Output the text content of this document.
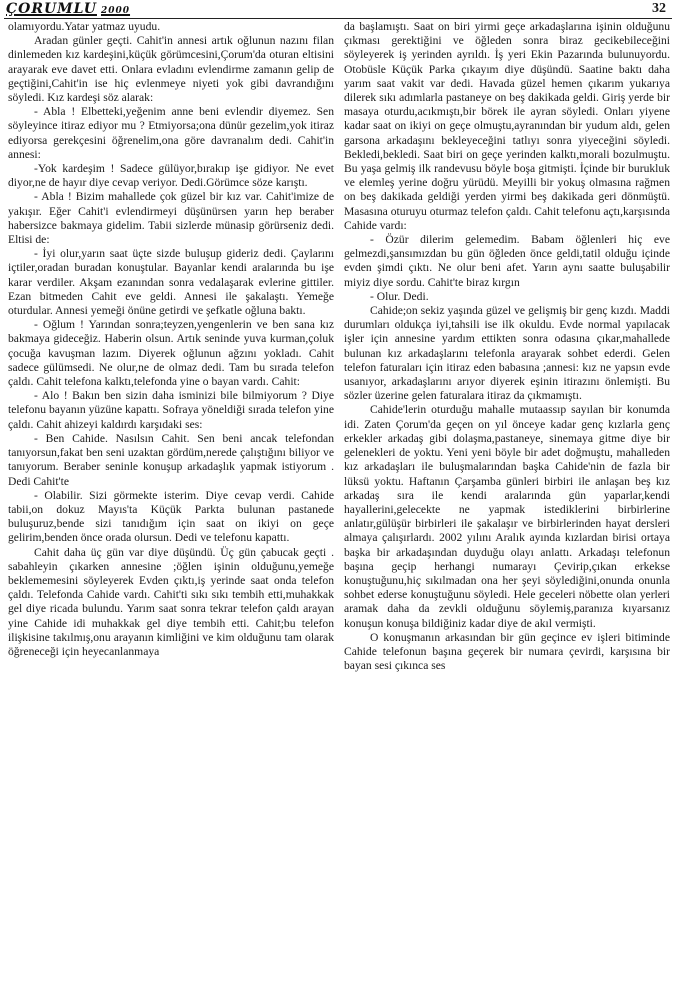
ÇORUMLU 2000	32

olamıyordu.Yatar yatmaz uyudu.

Aradan günler geçti. Cahit'in annesi artık oğlunun nazını filan dinlemeden kız kardeşini,küçük görümcesini,Çorum'da oturan eltisini arayarak eve davet etti. Onlara evladını evlendirme zamanın gelip de geçtiğini,Cahit'in ise hiç evlenmeye niyeti yok gibi davrandığını söyledi. Kız kardeşi söz alarak:

- Abla ! Elbetteki,yeğenim anne beni evlendir diyemez. Sen söyleyince itiraz ediyor mu ? Etmiyorsa;ona dünür gezelim,yok itiraz ediyorsa gerekçesini öğrenelim,ona göre davranalım dedi. Cahit'in annesi:

-Yok kardeşim ! Sadece gülüyor,bırakıp işe gidiyor. Ne evet diyor,ne de hayır diye cevap veriyor. Dedi.Görümce söze karıştı.

- Abla ! Bizim mahallede çok güzel bir kız var. Cahit'imize de yakışır. Eğer Cahit'i evlendirmeyi düşünürsen yarın hep beraber habersizce bakmaya gidelim. Tabii sizlerde münasip görürseniz dedi. Eltisi de:

- İyi olur,yarın saat üçte sizde buluşup gideriz dedi. Çaylarını içtiler,oradan buradan konuştular. Bayanlar kendi aralarında bu işe karar verdiler. Akşam ezanından sonra vedalaşarak evlerine gittiler. Ezan bitmeden Cahit eve geldi. Annesi ile şakalaştı. Yemeğe oturdular. Annesi yemeği önüne getirdi ve şefkatle oğluna baktı.

- Oğlum ! Yarından sonra;teyzen,yengenlerin ve ben sana kız bakmaya gideceğiz. Haberin olsun. Artık seninde yuva kurman,çoluk çocuğa kavuşman lazım. Diyerek oğlunun ağzını yokladı. Cahit sadece gülümsedi. Ne olur,ne de olmaz dedi. Tam bu sırada telefon çaldı. Cahit telefona kalktı,telefonda yine o bayan vardı. Cahit:

- Alo ! Bakın ben sizin daha isminizi bile bilmiyorum ? Diye telefonu bayanın yüzüne kapattı. Sofraya yöneldiği sırada telefon yine çaldı. Cahit ahizeyi kaldırdı karşıdaki ses:

- Ben Cahide. Nasılsın Cahit. Sen beni ancak telefondan tanıyorsun,fakat ben seni uzaktan gördüm,nerede çalıştığını biliyor ve tanıyorum. Beraber seninle konuşup arkadaşlık yapmak istiyorum . Dedi Cahit'te

- Olabilir. Sizi görmekte isterim. Diye cevap verdi. Cahide tabii,on dokuz Mayıs'ta Küçük Parkta bulunan pastanede buluşuruz,bende sizi tanıdığım için saat on ikiyi on geçe gelirim,benden önce orada olursun. Dedi ve telefonu kapattı.

Cahit daha üç gün var diye düşündü. Üç gün çabucak geçti . sabahleyin çıkarken annesine ;öğlen işinin olduğunu,yemeğe beklememesini söyleyerek Evden çıktı,iş yerinde saat onda telefon çaldı. Telefonda Cahide vardı. Cahit'ti sıkı sıkı tembih etti,muhakkak gel diye ricada bulundu. Yarım saat sonra tekrar telefon çaldı arayan yine Cahide idi muhakkak gel diye tembih etti. Cahit;bu telefon ilişkisine takılmış,onu arayanın kimliğini ve kim olduğunu tam olarak öğreneceği için heyecanlanmaya

da başlamıştı. Saat on biri yirmi geçe arkadaşlarına işinin olduğunu çıkması gerektiğini ve öğleden sonra biraz gecikebileceğini söyleyerek iş yerinden ayrıldı. İş yeri Ekin Pazarında bulunuyordu. Otobüsle Küçük Parka çıkayım diye düşündü. Saatine baktı daha yarım saat vakit var dedi. Havada güzel hemen çıkarım yukarıya dilerek sıkı adımlarla pastaneye on beş dakikada geldi. Giriş yerde bir masaya oturdu,acıkmıştı,bir börek ile ayran söyledi. Onları yiyene kadar saat on ikiyi on geçe olmuştu,ayranından bir yudum aldı, gelen garsona arkadaşını bekleyeceğini tatlıyı sonra yiyeceğini söyledi. Bekledi,bekledi. Saat biri on geçe yerinden kalktı,morali bozulmuştu. Bu yaşa gelmiş ilk randevusu böyle boşa gitmişti. İçinde bir burukluk ve elemleş yerine doğru yürüdü. Meyilli bir yokuş olmasına rağmen on beş dakikada geldiği yerden yirmi beş dakikada geri dönmüştü. Masasına oturuyu oturmaz telefon çaldı. Cahit telefonu açtı,karşısında Cahide vardı:

- Özür dilerim gelemedim. Babam öğlenleri hiç eve gelmezdi,şansımızdan bu gün öğleden önce geldi,tatil olduğu içinde evden şimdi çıktı. Ne olur beni afet. Yarın aynı saatte buluşabilir miyiz diye sordu. Cahit'te biraz kırgın

- Olur. Dedi.

Cahide;on sekiz yaşında güzel ve gelişmiş bir genç kızdı. Maddi durumları oldukça iyi,tahsili ise ilk okuldu. Evde normal yapılacak işler için annesine yardım ettikten sonra odasına çıkar,mahallede bulunan kız arkadaşlarını telefonla arayarak sohbet ederdi. Gelen telefon faturaları için itiraz eden babasına ;annesi: kız ne yapsın evde usanıyor, arkadaşlarını arıyor diyerek eşinin itirazını önlemişti. Bu sözler üzerine gelen faturalara itiraz da çıkmamıştı.

Cahide'lerin oturduğu mahalle mutaassıp sayılan bir konumda idi. Zaten Çorum'da geçen on yıl önceye kadar genç kızlarla genç erkekler arkadaş gibi dolaşma,pastaneye, sinemaya gitme diye bir gelenekleri de yoktu. Yeni yeni böyle bir adet doğmuştu, mahalleden kız arkadaşları ile buluşmalarından başka Cahide'nin de fazla bir lüksü yoktu. Haftanın Çarşamba günleri birbiri ile anlaşan beş kız arkadaş sıra ile kendi aralarında gün yaparlar,kendi hayallerini,gelecekte ne yapmak istediklerini birbirlerine anlatır,gülüşür birbirleri ile şakalaşır ve birbirlerinden hayat dersleri almaya çalışırlardı. 2002 yılını Aralık ayında kızlardan birisi ortaya başka bir arkadaşından duyduğu olayı anlattı. Arkadaşı telefonun başına geçip herhangi numarayı Çevirip,çıkan erkekse konuştuğunu,hiç sıkılmadan ona her şeyi söylediğini,onunda onunla sohbet ederse konuştuğunu söyledi. Hele geceleri nöbette olan yerleri aramak daha da zevkli olduğunu söylemiş,paranıza kıyarsanız konuşun konuşa bildiğiniz kadar diye de akıl vermişti.

O konuşmanın arkasından bir gün geçince ev işleri bitiminde Cahide telefonun başına geçerek bir numara çevirdi, karşısına bir bayan sesi çıkınca ses
